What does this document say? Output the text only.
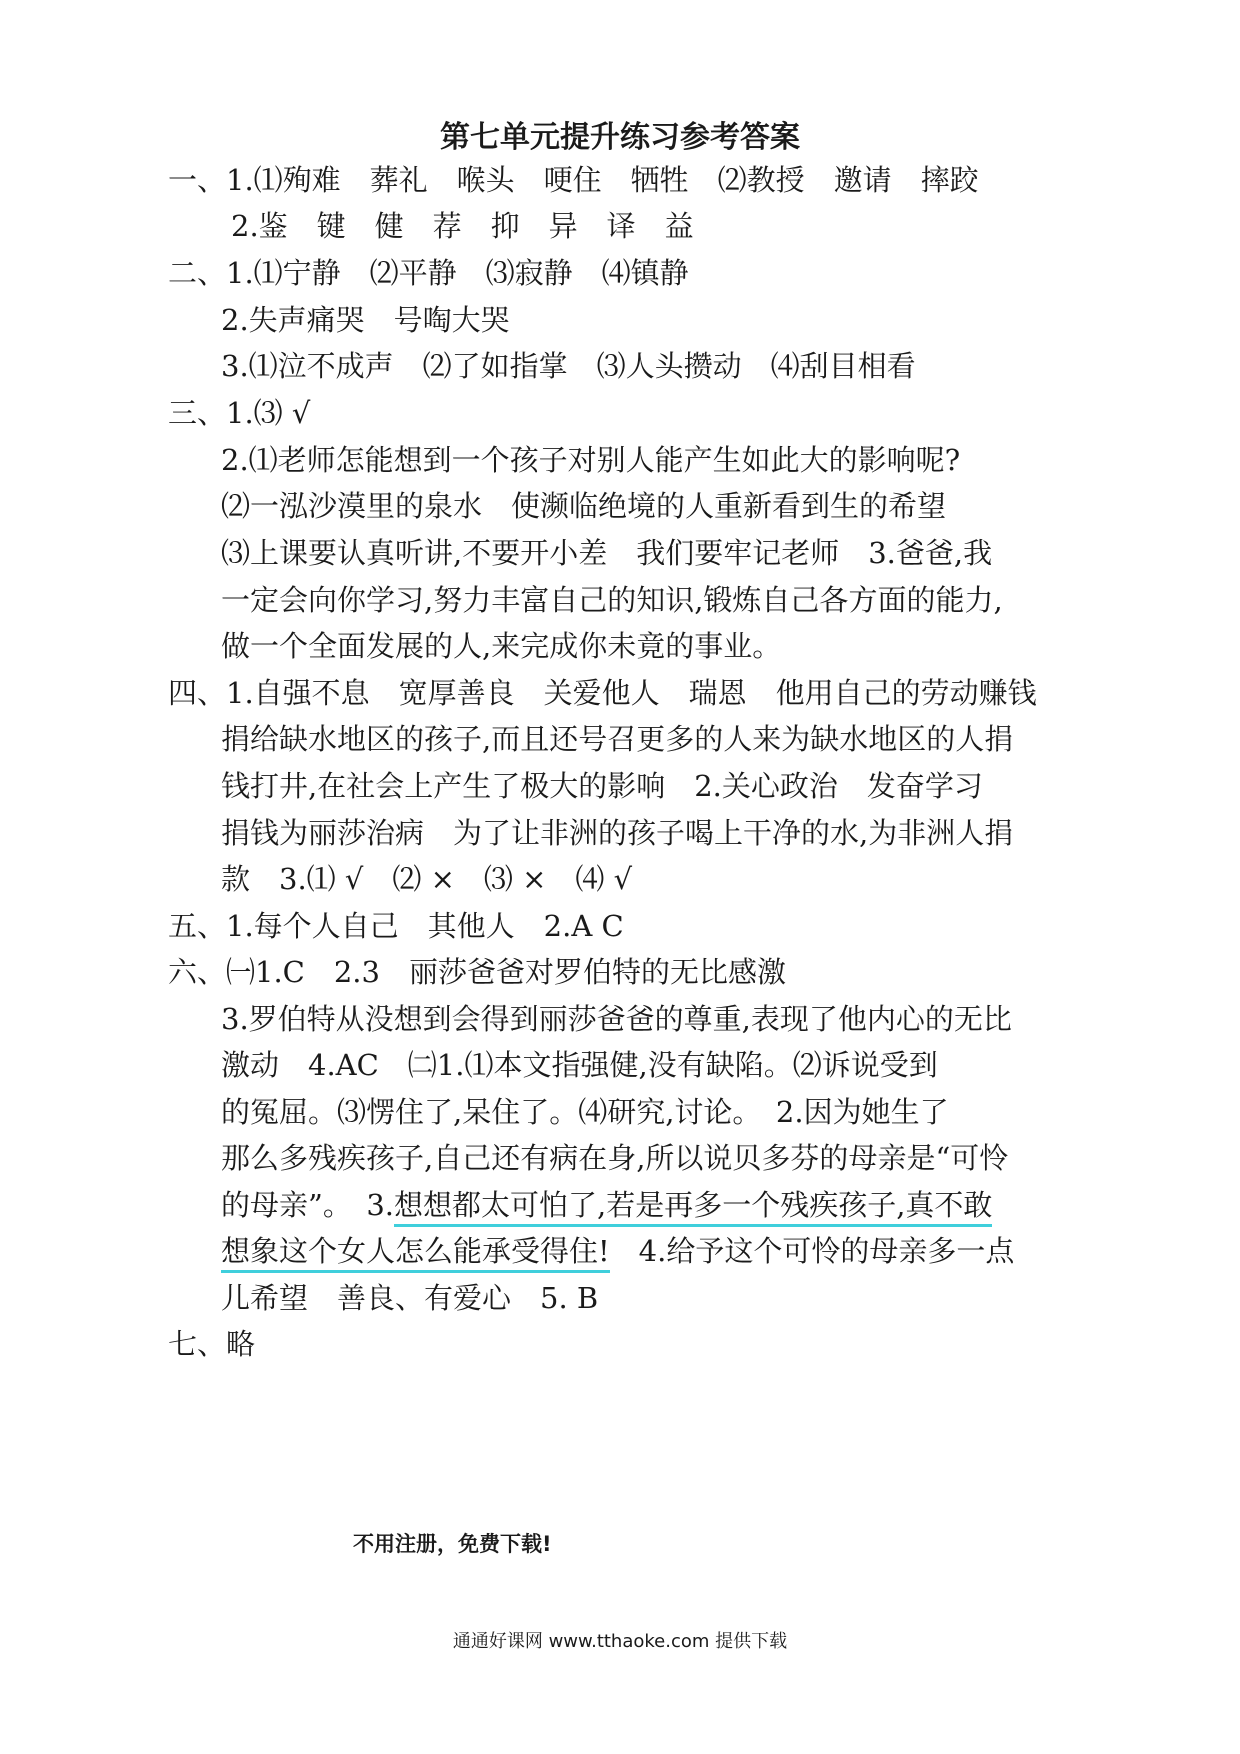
第七单元提升练习参考答案
一、1.⑴殉难　葬礼　喉头　哽住　牺牲　⑵教授　邀请　摔跤
2.鉴　键　健　荐　抑　异　译　益
二、1.⑴宁静　⑵平静　⑶寂静　⑷镇静
2.失声痛哭　号啕大哭
3.⑴泣不成声　⑵了如指掌　⑶人头攒动　⑷刮目相看
三、1.⑶ √
2.⑴老师怎能想到一个孩子对别人能产生如此大的影响呢?
⑵一泓沙漠里的泉水　使濒临绝境的人重新看到生的希望
⑶上课要认真听讲,不要开小差　我们要牢记老师　3.爸爸,我
一定会向你学习,努力丰富自己的知识,锻炼自己各方面的能力,
做一个全面发展的人,来完成你未竟的事业。
四、1.自强不息　宽厚善良　关爱他人　瑞恩　他用自己的劳动赚钱
捐给缺水地区的孩子,而且还号召更多的人来为缺水地区的人捐
钱打井,在社会上产生了极大的影响　2.关心政治　发奋学习
捐钱为丽莎治病　为了让非洲的孩子喝上干净的水,为非洲人捐
款　3.⑴ √　⑵ ×　⑶ ×　⑷ √
五、1.每个人自己　其他人　2.A C
六、㈠1.C　2.3　丽莎爸爸对罗伯特的无比感激
3.罗伯特从没想到会得到丽莎爸爸的尊重,表现了他内心的无比
激动　4.AC　㈡1.⑴本文指强健,没有缺陷。⑵诉说受到
的冤屈。⑶愣住了,呆住了。⑷研究,讨论。　2.因为她生了
那么多残疾孩子,自己还有病在身,所以说贝多芬的母亲是“可怜
的母亲”。　3.想想都太可怕了,若是再多一个残疾孩子,真不敢
想象这个女人怎么能承受得住!　4.给予这个可怜的母亲多一点
儿希望　善良、有爱心　5. B
七、略
不用注册，免费下载!
通通好课网 www.tthaoke.com 提供下载
